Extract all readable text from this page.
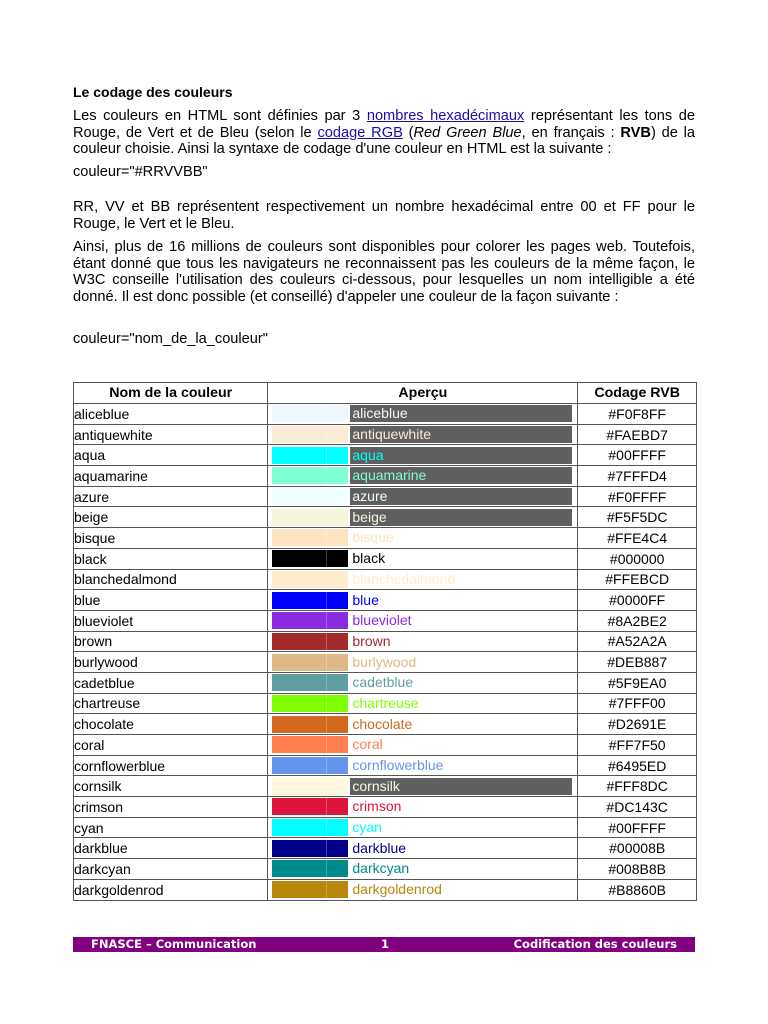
Le codage des couleurs
Les couleurs en HTML sont définies par 3 nombres hexadécimaux représentant les tons de Rouge, de Vert et de Bleu (selon le codage RGB (Red Green Blue, en français : RVB) de la couleur choisie. Ainsi la syntaxe de codage d'une couleur en HTML est la suivante :
couleur="#RRVVBB"
RR, VV et BB représentent respectivement un nombre hexadécimal entre 00 et FF pour le Rouge, le Vert et le Bleu.
Ainsi, plus de 16 millions de couleurs sont disponibles pour colorer les pages web. Toutefois, étant donné que tous les navigateurs ne reconnaissent pas les couleurs de la même façon, le W3C conseille l'utilisation des couleurs ci-dessous, pour lesquelles un nom intelligible a été donné. Il est donc possible (et conseillé) d'appeler une couleur de la façon suivante :
couleur="nom_de_la_couleur"
Nom de la couleur	Aperçu	Codage RVB
aliceblue	aliceblue	#F0F8FF
antiquewhite	antiquewhite	#FAEBD7
aqua	aqua	#00FFFF
aquamarine	aquamarine	#7FFFD4
azure	azure	#F0FFFF
beige	beige	#F5F5DC
bisque	bisque	#FFE4C4
black	black	#000000
blanchedalmond	blanchedalmond	#FFEBCD
blue	blue	#0000FF
blueviolet	blueviolet	#8A2BE2
brown	brown	#A52A2A
burlywood	burlywood	#DEB887
cadetblue	cadetblue	#5F9EA0
chartreuse	chartreuse	#7FFF00
chocolate	chocolate	#D2691E
coral	coral	#FF7F50
cornflowerblue	cornflowerblue	#6495ED
cornsilk	cornsilk	#FFF8DC
crimson	crimson	#DC143C
cyan	cyan	#00FFFF
darkblue	darkblue	#00008B
darkcyan	darkcyan	#008B8B
darkgoldenrod	darkgoldenrod	#B8860B
FNASCE – Communication	1	Codification des couleurs
